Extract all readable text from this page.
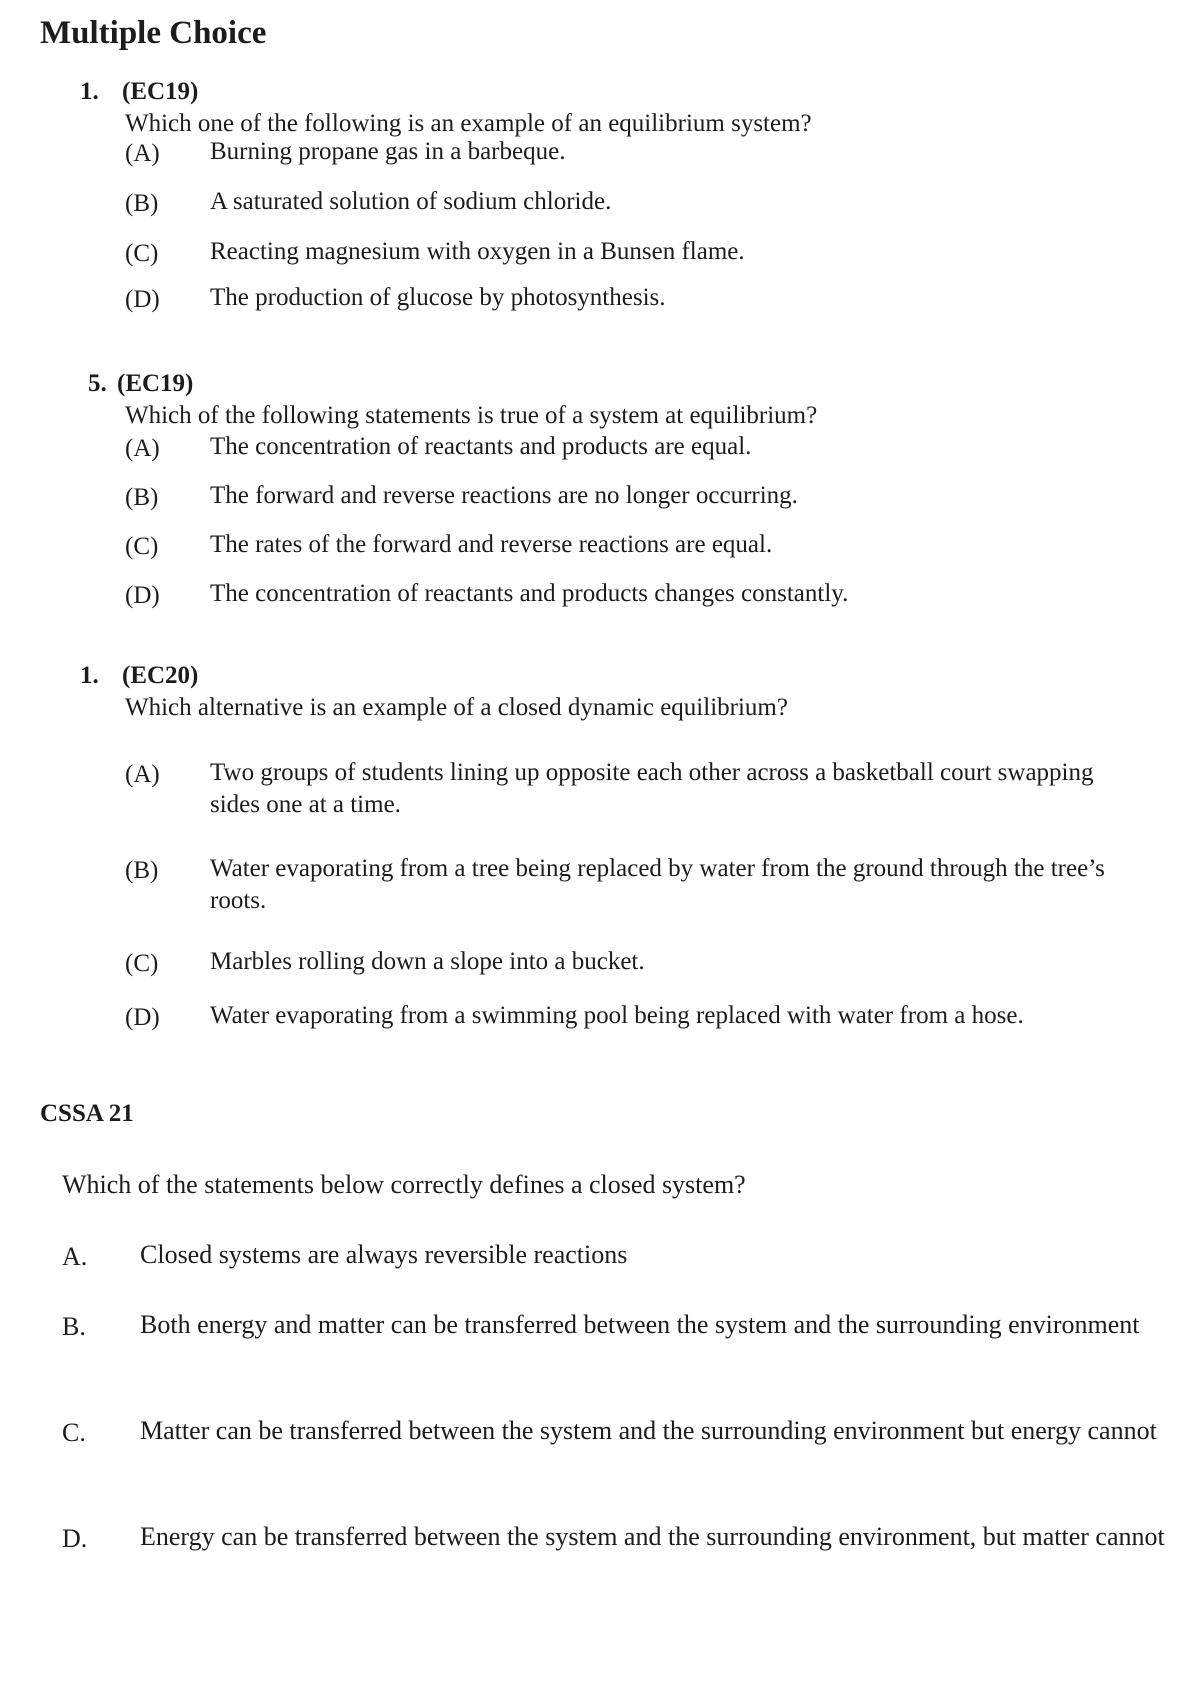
Multiple Choice
1. (EC19)
Which one of the following is an example of an equilibrium system?
(A) Burning propane gas in a barbeque.
(B) A saturated solution of sodium chloride.
(C) Reacting magnesium with oxygen in a Bunsen flame.
(D) The production of glucose by photosynthesis.
5. (EC19)
Which of the following statements is true of a system at equilibrium?
(A) The concentration of reactants and products are equal.
(B) The forward and reverse reactions are no longer occurring.
(C) The rates of the forward and reverse reactions are equal.
(D) The concentration of reactants and products changes constantly.
1. (EC20)
Which alternative is an example of a closed dynamic equilibrium?
(A) Two groups of students lining up opposite each other across a basketball court swapping sides one at a time.
(B) Water evaporating from a tree being replaced by water from the ground through the tree’s roots.
(C) Marbles rolling down a slope into a bucket.
(D) Water evaporating from a swimming pool being replaced with water from a hose.
CSSA 21
Which of the statements below correctly defines a closed system?
A. Closed systems are always reversible reactions
B. Both energy and matter can be transferred between the system and the surrounding environment
C. Matter can be transferred between the system and the surrounding environment but energy cannot
D. Energy can be transferred between the system and the surrounding environment, but matter cannot
